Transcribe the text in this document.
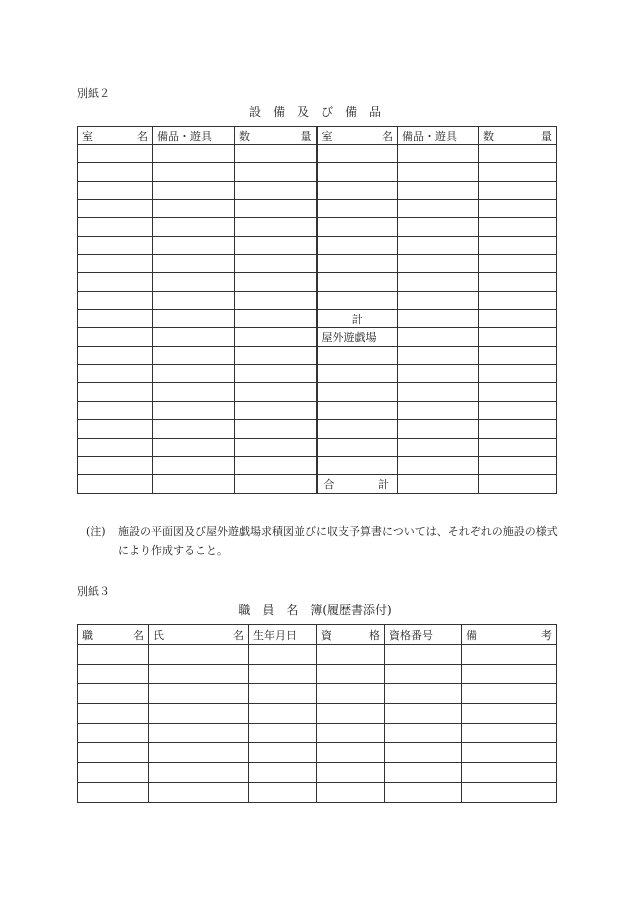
別紙２
設　備　及　び　備　品
室 名	備品・遊具	数 量	室 名	備品・遊具	数 量

			計		
			屋外遊戯場		

			合 計		

(注)	施設の平面図及び屋外遊戯場求積図並びに収支予算書については、それぞれの施設の様式により作成すること。
別紙３
職　員　名　簿(履歴書添付)
職 名	氏 名	生年月日	資 格	資格番号	備 考
